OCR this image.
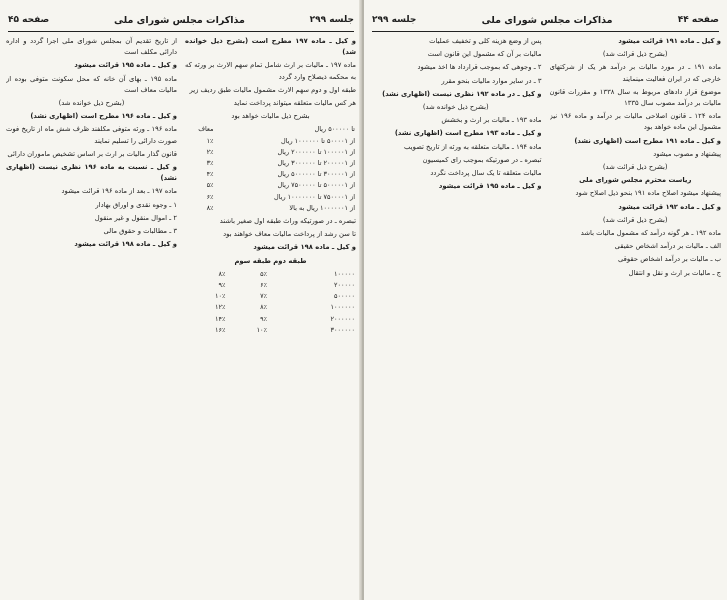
جلسه ۲۹۹
مذاکرات مجلس شورای ملی
صفحه ۴۵

و کیل ـ ماده ۱۹۷ مطرح است (بشرح ذیل خوانده شد)

ماده ۱۹۷ ـ مالیات بر ارث شامل تمام سهم الارث بر ورثه که به محکمه ذیصلاح وارد گردد

طبقه اول و دوم سهم الارث مشمول مالیات طبق ردیف زیر

هر کس مالیات متعلقه میتواند پرداخت نماید

بشرح ذیل مالیات خواهد بود

تا ۵۰۰۰۰۰ ریال	معاف
از ۵۰۰۰۰۱ تا ۱۰۰۰۰۰۰ ریال	۱٪
از ۱۰۰۰۰۰۱ تا ۲۰۰۰۰۰۰ ریال	۲٪
از ۲۰۰۰۰۰۱ تا ۳۰۰۰۰۰۰ ریال	۳٪
از ۳۰۰۰۰۰۱ تا ۵۰۰۰۰۰۰ ریال	۴٪
از ۵۰۰۰۰۰۱ تا ۷۵۰۰۰۰۰ ریال	۵٪
از ۷۵۰۰۰۰۱ تا ۱۰۰۰۰۰۰۰ ریال	۶٪
از ۱۰۰۰۰۰۰۱ ریال به بالا	۸٪

تبصره ـ در صورتیکه وراث طبقه اول صغیر باشند

تا سن رشد از پرداخت مالیات معاف خواهند بود

و کیل ـ ماده ۱۹۸ قرائت میشود

طبقه دوم طبقه سوم

۱۰۰۰۰۰	۵٪	۸٪
۲۰۰۰۰۰	۶٪	۹٪
۵۰۰۰۰۰	۷٪	۱۰٪
۱۰۰۰۰۰۰	۸٪	۱۲٪
۲۰۰۰۰۰۰	۹٪	۱۴٪
۳۰۰۰۰۰۰	۱۰٪	۱۶٪

از تاریخ تقدیم آن بمجلس شورای ملی اجرا گردد و اداره دارائی مکلف است

و کیل ـ ماده ۱۹۵ قرائت میشود

ماده ۱۹۵ ـ بهای آن خانه که محل سکونت متوفی بوده از مالیات معاف است

(بشرح ذیل خوانده شد)

و کیل ـ ماده ۱۹۶ مطرح است (اظهاری نشد)

ماده ۱۹۶ ـ ورثه متوفی مکلفند ظرف شش ماه از تاریخ فوت صورت دارائی را تسلیم نمایند

قانون گذار مالیات بر ارث بر اساس تشخیص ماموران دارائی

و کیل ـ نسبت به ماده ۱۹۶ نظری نیست (اظهاری نشد)

ماده ۱۹۷ ـ بعد از ماده ۱۹۶ قرائت میشود

۱ ـ وجوه نقدی و اوراق بهادار

۲ ـ اموال منقول و غیر منقول

۳ ـ مطالبات و حقوق مالی

و کیل ـ ماده ۱۹۸ قرائت میشود

صفحه ۴۴
مذاکرات مجلس شورای ملی
جلسه ۲۹۹

و کیل ـ ماده ۱۹۱ قرائت میشود

(بشرح ذیل قرائت شد)

ماده ۱۹۱ ـ در مورد مالیات بر درآمد هر یک از شرکتهای خارجی که در ایران فعالیت مینمایند

موضوع قرار دادهای مربوط به سال ۱۳۳۸ و مقررات قانون مالیات بر درآمد مصوب سال ۱۳۳۵

ماده ۱۲۴ ـ قانون اصلاحی مالیات بر درآمد و ماده ۱۹۶ نیز مشمول این ماده خواهد بود

و کیل ـ ماده ۱۹۱ مطرح است (اظهاری نشد)

پیشنهاد و مصوب میشود

(بشرح ذیل قرائت شد)

ریاست محترم مجلس شورای ملی

پیشنهاد میشود اصلاح ماده ۱۹۱ بنحو ذیل اصلاح شود

و کیل ـ ماده ۱۹۲ قرائت میشود

(بشرح ذیل قرائت شد)

ماده ۱۹۲ ـ هر گونه درآمد که مشمول مالیات باشد

الف ـ مالیات بر درآمد اشخاص حقیقی

ب ـ مالیات بر درآمد اشخاص حقوقی

ج ـ مالیات بر ارث و نقل و انتقال

پس از وضع هزینه کلی و تخفیف عملیات

مالیات بر آن که مشمول این قانون است

۲ ـ وجوهی که بموجب قرارداد ها اخذ میشود

۳ ـ در سایر موارد مالیات بنحو مقرر

و کیل ـ در ماده ۱۹۲ نظری نیست (اظهاری نشد)

(بشرح ذیل خوانده شد)

ماده ۱۹۳ ـ مالیات بر ارث و بخشش

و کیل ـ ماده ۱۹۳ مطرح است (اظهاری نشد)

ماده ۱۹۴ ـ مالیات متعلقه به ورثه از تاریخ تصویب

تبصره ـ در صورتیکه بموجب رای کمیسیون

مالیات متعلقه تا یک سال پرداخت نگردد

و کیل ـ ماده ۱۹۵ قرائت میشود
